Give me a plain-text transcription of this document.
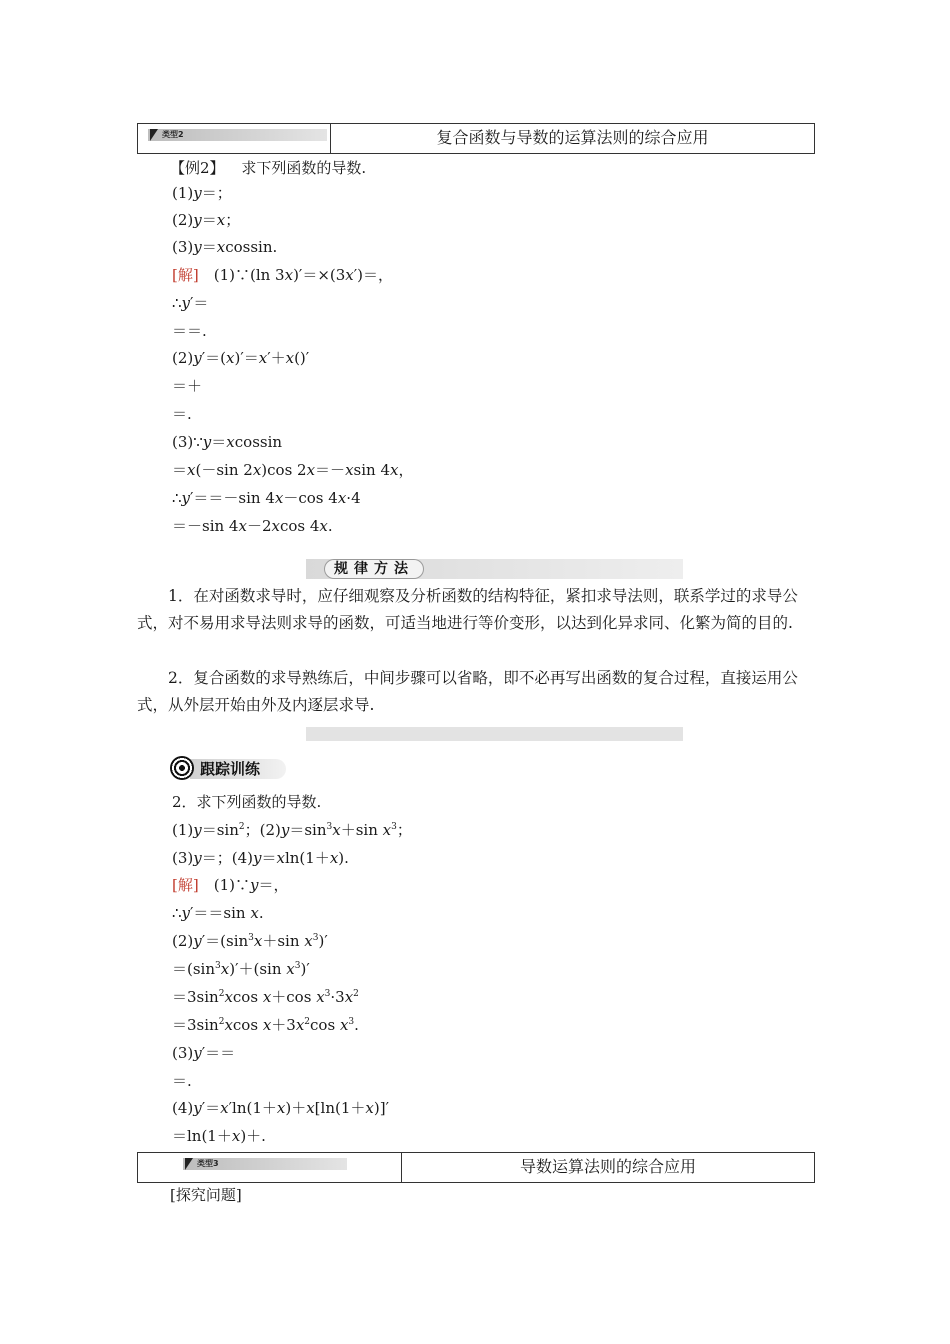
类型2	复合函数与导数的运算法则的综合应用
【例2】 求下列函数的导数.
(1)y＝；
(2)y＝x；
(3)y＝xcossin.
[解]　(1)∵(ln 3x)′＝×(3x′)＝，
∴y′＝
＝＝.
(2)y′＝(x)′＝x′＋x()′
＝＋
＝.
(3)∵y＝xcossin
＝x(－sin 2x)cos 2x＝－xsin 4x，
∴y′＝＝－sin 4x－cos 4x·4
＝－sin 4x－2xcos 4x.
规律方法
1．在对函数求导时，应仔细观察及分析函数的结构特征，紧扣求导法则，联系学过的求导公式，对不易用求导法则求导的函数，可适当地进行等价变形，以达到化异求同、化繁为简的目的.
2．复合函数的求导熟练后，中间步骤可以省略，即不必再写出函数的复合过程，直接运用公式，从外层开始由外及内逐层求导.
跟踪训练
2．求下列函数的导数.
$(1)y=\sin^2$；$(2)y=\sin^3x+\sin$ $x^3$；
(3)y＝；(4)y＝xln(1＋x).
[解]　(1)∵y＝，
∴y′＝＝sin x.
$(2)y'=(\sin^3x+\sin$ $x^3)'$
$=(\sin^3x)'+(\sin$ $x^3)'$
$=3\sin^2xcos$ x＋cos $x^3\cdot 3x^2$
$=3\sin^2xcos$ $x+3x^2\cos$ $x^3$.
(3)y′＝＝
＝.
(4)y′＝x′ln(1＋x)＋x[ln(1＋x)]′
＝ln(1＋x)＋.
类型3	导数运算法则的综合应用
[探究问题]
